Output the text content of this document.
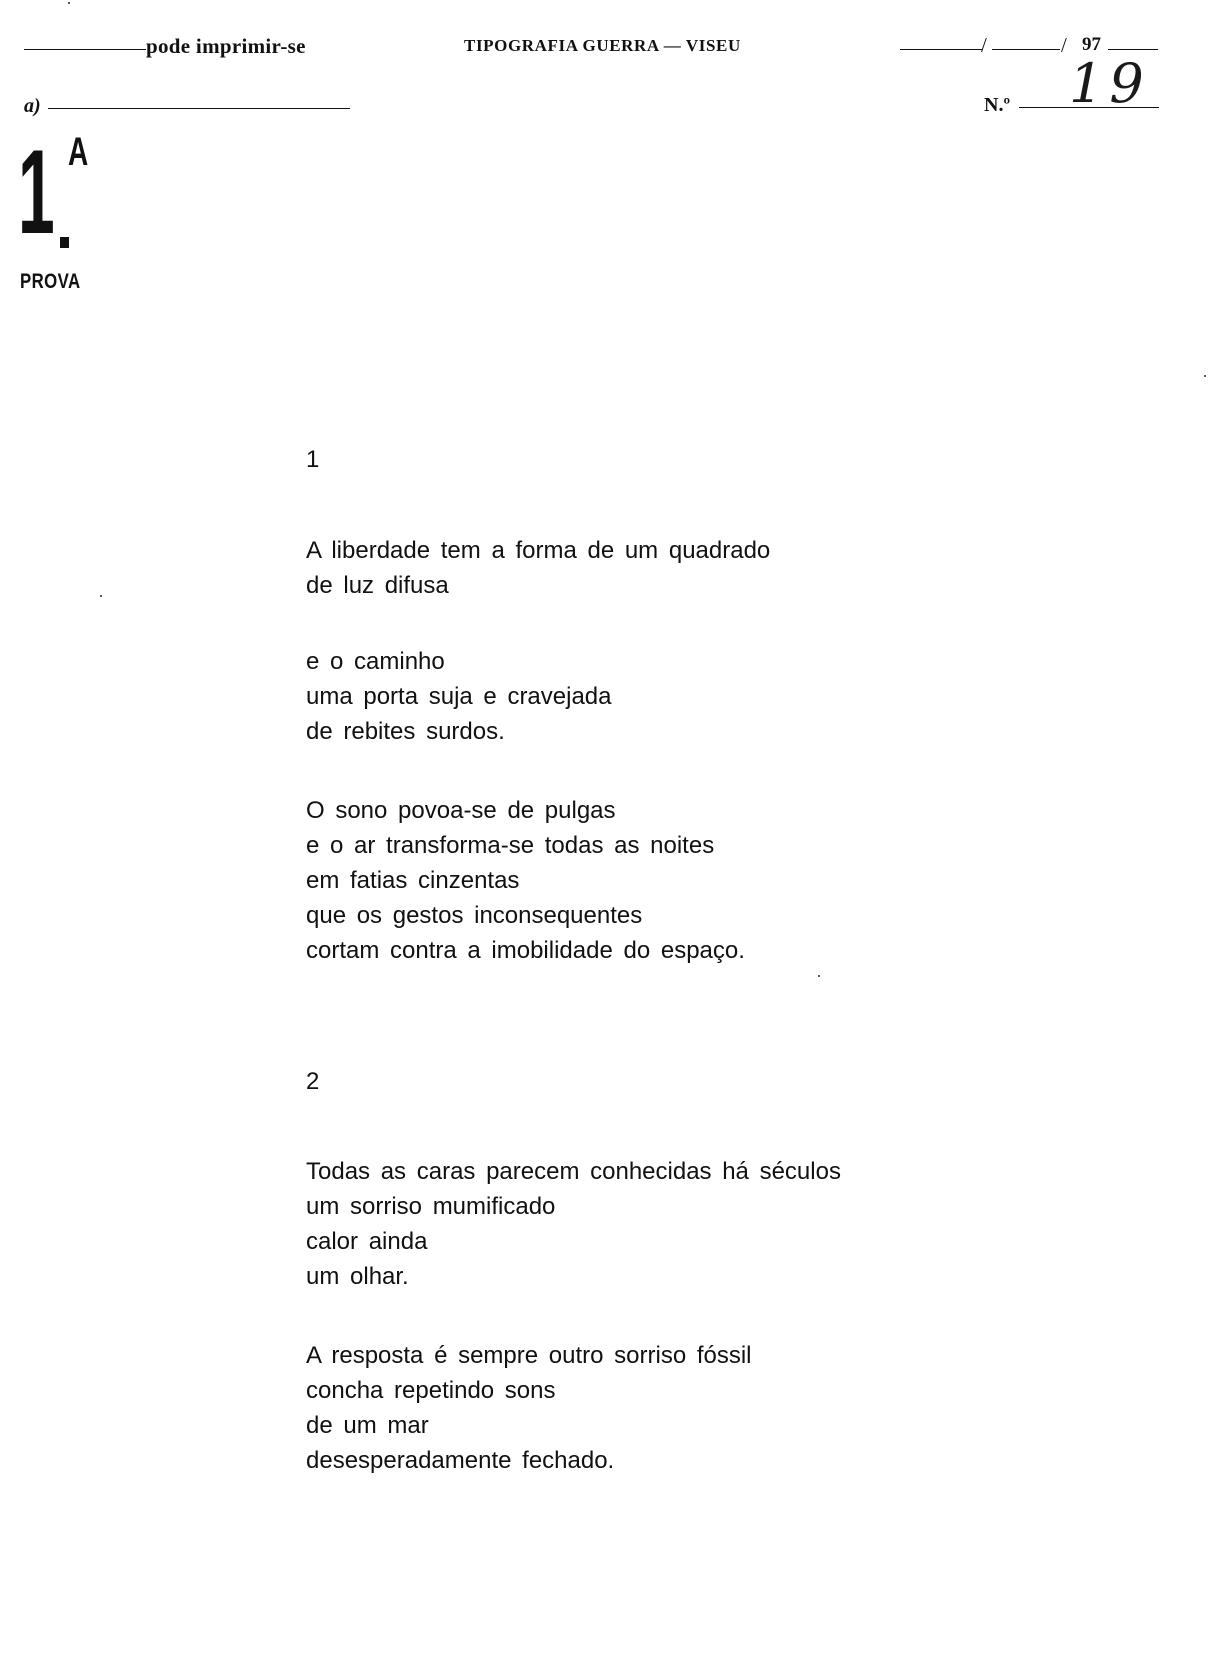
pode imprimir-se	TIPOGRAFIA GUERRA — VISEU	/	/ 97
a)	N.º 19
1 A
PROVA
1
A liberdade tem a forma de um quadrado
de luz difusa
e o caminho
uma porta suja e cravejada
de rebites surdos.
O sono povoa-se de pulgas
e o ar transforma-se todas as noites
em fatias cinzentas
que os gestos inconsequentes
cortam contra a imobilidade do espaço.
2
Todas as caras parecem conhecidas há séculos
um sorriso mumificado
calor ainda
um olhar.
A resposta é sempre outro sorriso fóssil
concha repetindo sons
de um mar
desesperadamente fechado.
